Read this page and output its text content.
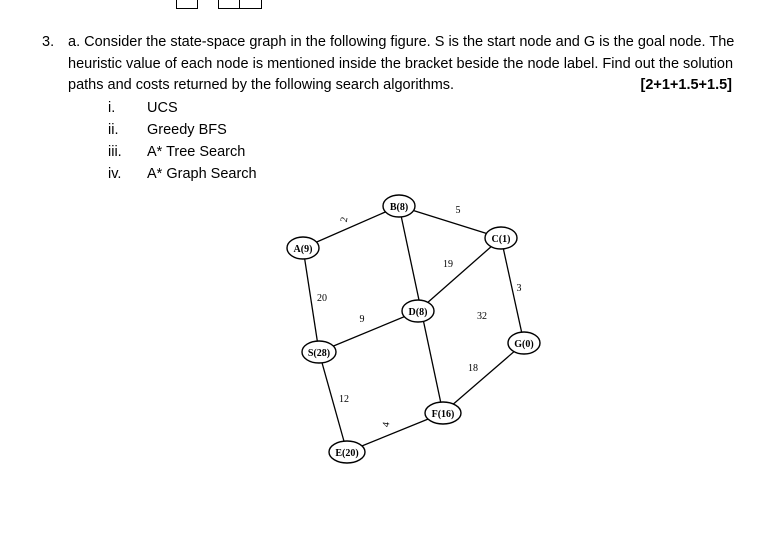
3. a. Consider the state-space graph in the following figure. S is the start node and G is the goal node. The
heuristic value of each node is mentioned inside the bracket beside the node label. Find out the solution
paths and costs returned by the following search algorithms.	[2+1+1.5+1.5]
i.	UCS
ii.	Greedy BFS
iii. A* Tree Search
iv.	A* Graph Search
2
5
19
20
9	32
3
18
12
4
A(9)
B(8)
C(1)
D(8)
S(28)
G(0)
F(16)
E(20)
